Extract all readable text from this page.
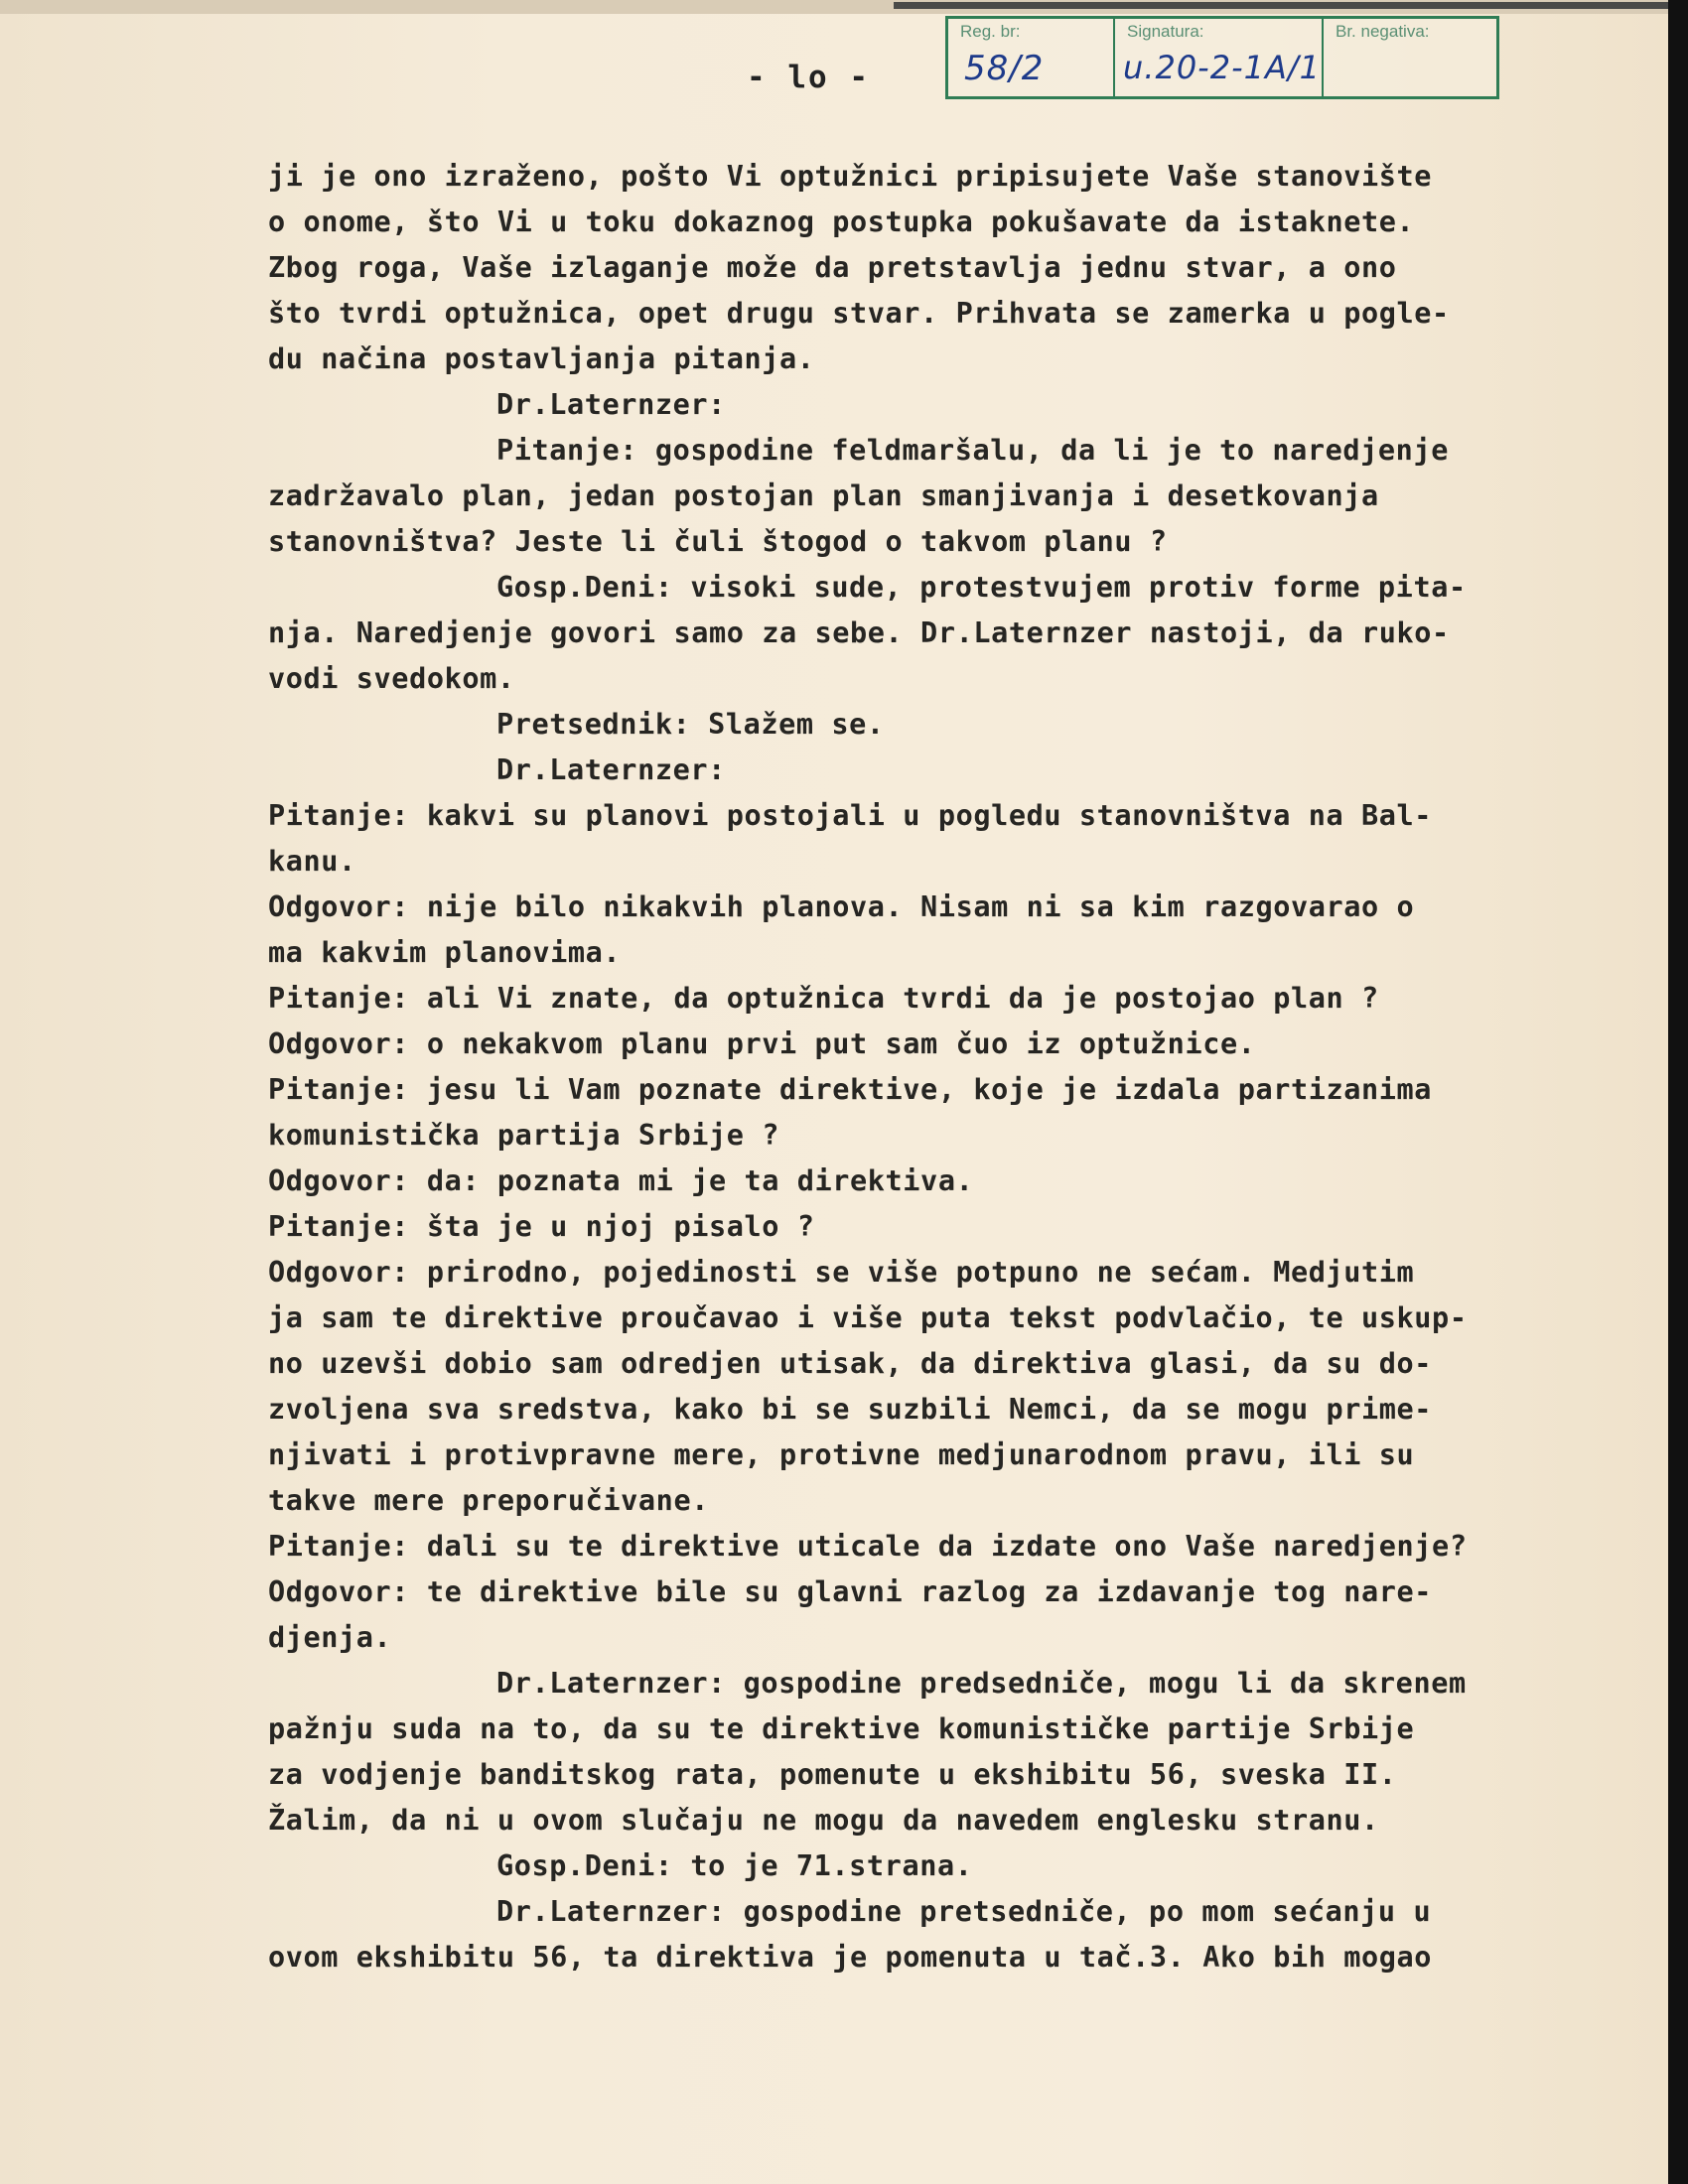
- lo -
Reg. br:
58/2
Signatura:
u.20-2-1A/1
Br. negativa:
ji je ono izraženo, pošto Vi optužnici pripisujete Vaše stanovište
o onome, što Vi u toku dokaznog postupka pokušavate da istaknete.
Zbog roga, Vaše izlaganje može da pretstavlja jednu stvar, a ono
što tvrdi optužnica, opet drugu stvar. Prihvata se zamerka u pogle-
du načina postavljanja pitanja.
Dr.Laternzer:
Pitanje: gospodine feldmaršalu, da li je to naredjenje
zadržavalo plan, jedan postojan plan smanjivanja i desetkovanja
stanovništva? Jeste li čuli štogod o takvom planu ?
Gosp.Deni: visoki sude, protestvujem protiv forme pita-
nja. Naredjenje govori samo za sebe. Dr.Laternzer nastoji, da ruko-
vodi svedokom.
Pretsednik: Slažem se.
Dr.Laternzer:
Pitanje: kakvi su planovi postojali u pogledu stanovništva na Bal-
kanu.
Odgovor: nije bilo nikakvih planova. Nisam ni sa kim razgovarao o
ma kakvim planovima.
Pitanje: ali Vi znate, da optužnica tvrdi da je postojao plan ?
Odgovor: o nekakvom planu prvi put sam čuo iz optužnice.
Pitanje: jesu li Vam poznate direktive, koje je izdala partizanima
komunistička partija Srbije ?
Odgovor: da: poznata mi je ta direktiva.
Pitanje: šta je u njoj pisalo ?
Odgovor: prirodno, pojedinosti se više potpuno ne sećam. Medjutim
ja sam te direktive proučavao i više puta tekst podvlačio, te uskup-
no uzevši dobio sam odredjen utisak, da direktiva glasi, da su do-
zvoljena sva sredstva, kako bi se suzbili Nemci, da se mogu prime-
njivati i protivpravne mere, protivne medjunarodnom pravu, ili su
takve mere preporučivane.
Pitanje: dali su te direktive uticale da izdate ono Vaše naredjenje?
Odgovor: te direktive bile su glavni razlog za izdavanje tog nare-
djenja.
Dr.Laternzer: gospodine predsedniče, mogu li da skrenem
pažnju suda na to, da su te direktive komunističke partije Srbije
za vodjenje banditskog rata, pomenute u ekshibitu 56, sveska II.
Žalim, da ni u ovom slučaju ne mogu da navedem englesku stranu.
Gosp.Deni: to je 71.strana.
Dr.Laternzer: gospodine pretsedniče, po mom sećanju u
ovom ekshibitu 56, ta direktiva je pomenuta u tač.3. Ako bih mogao
